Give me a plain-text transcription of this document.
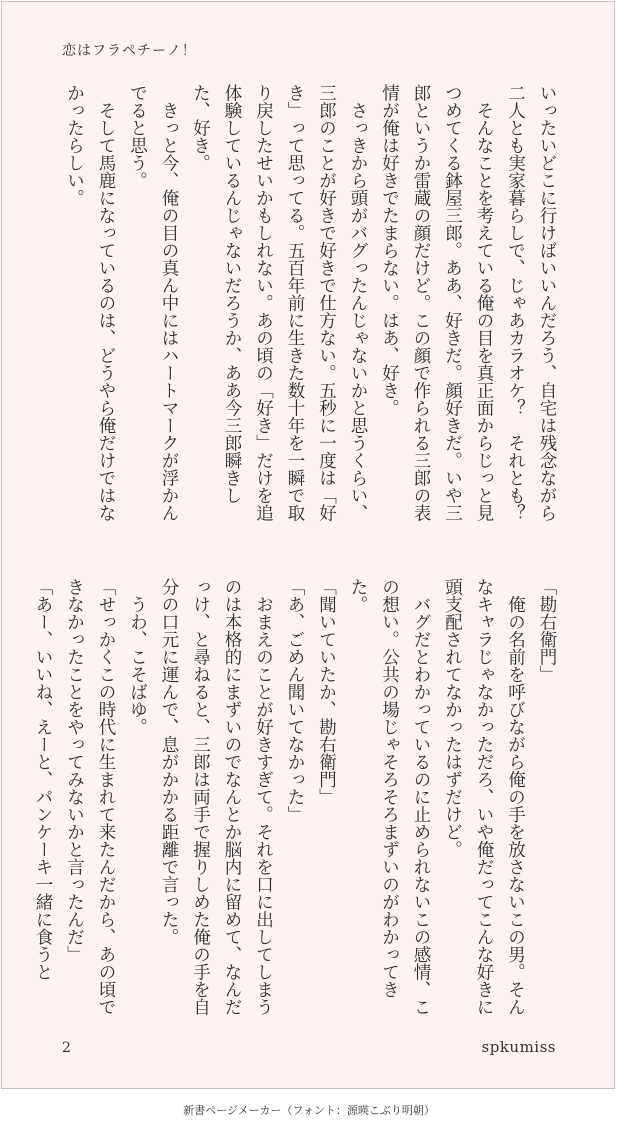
恋はフラペチーノ！
いったいどこに行けばいいんだろう、自宅は残念ながら二人とも実家暮らしで、じゃあカラオケ？　それとも？
　そんなことを考えている俺の目を真正面からじっと見つめてくる鉢屋三郎。ああ、好きだ。顔好きだ。いや三郎というか雷蔵の顔だけど。この顔で作られる三郎の表情が俺は好きでたまらない。はあ、好き。
　さっきから頭がバグったんじゃないかと思うくらい、三郎のことが好きで好きで仕方ない。五秒に一度は「好き」って思ってる。五百年前に生きた数十年を一瞬で取り戻したせいかもしれない。あの頃の「好き」だけを追体験しているんじゃないだろうか、ああ今三郎瞬きした、好き。
　きっと今、俺の目の真ん中にはハートマークが浮かんでると思う。
　そして馬鹿になっているのは、どうやら俺だけではなかったらしい。
「勘右衛門」
　俺の名前を呼びながら俺の手を放さないこの男。そんなキャラじゃなかっただろ、いや俺だってこんな好きに頭支配されてなかったはずだけど。
　バグだとわかっているのに止められないこの感情、この想い。公共の場じゃそろそろまずいのがわかってきた。
「聞いていたか、勘右衛門」
「あ、ごめん聞いてなかった」
　おまえのことが好きすぎて。それを口に出してしまうのは本格的にまずいのでなんとか脳内に留めて、なんだっけ、と尋ねると、三郎は両手で握りしめた俺の手を自分の口元に運んで、息がかかる距離で言った。
　うわ、こそばゆ。
「せっかくこの時代に生まれて来たんだから、あの頃できなかったことをやってみないかと言ったんだ」
「あー、いいね、えーと、パンケーキ一緒に食うと
2	spkumiss
新書ページメーカー（フォント：源暎こぶり明朝）
